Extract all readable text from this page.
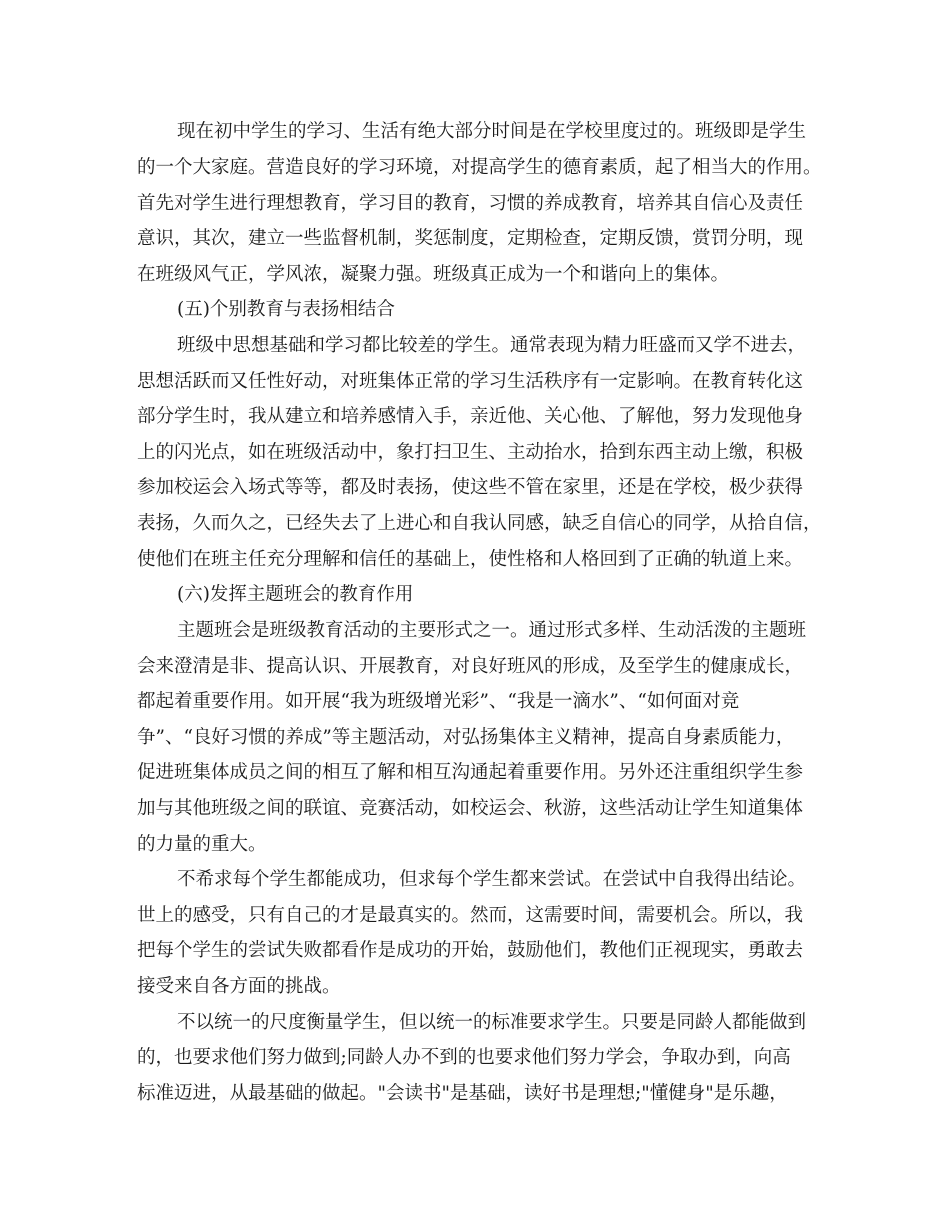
现在初中学生的学习、生活有绝大部分时间是在学校里度过的。班级即是学生
的一个大家庭。营造良好的学习环境，对提高学生的德育素质，起了相当大的作用。
首先对学生进行理想教育，学习目的教育，习惯的养成教育，培养其自信心及责任
意识，其次，建立一些监督机制，奖惩制度，定期检查，定期反馈，赏罚分明，现
在班级风气正，学风浓，凝聚力强。班级真正成为一个和谐向上的集体。
(五)个别教育与表扬相结合
班级中思想基础和学习都比较差的学生。通常表现为精力旺盛而又学不进去，
思想活跃而又任性好动，对班集体正常的学习生活秩序有一定影响。在教育转化这
部分学生时，我从建立和培养感情入手，亲近他、关心他、了解他，努力发现他身
上的闪光点，如在班级活动中，象打扫卫生、主动抬水，拾到东西主动上缴，积极
参加校运会入场式等等，都及时表扬，使这些不管在家里，还是在学校，极少获得
表扬，久而久之，已经失去了上进心和自我认同感，缺乏自信心的同学，从拾自信，
使他们在班主任充分理解和信任的基础上，使性格和人格回到了正确的轨道上来。
(六)发挥主题班会的教育作用
主题班会是班级教育活动的主要形式之一。通过形式多样、生动活泼的主题班
会来澄清是非、提高认识、开展教育，对良好班风的形成，及至学生的健康成长，
都起着重要作用。如开展“我为班级增光彩”、“我是一滴水”、“如何面对竞
争”、“良好习惯的养成”等主题活动，对弘扬集体主义精神，提高自身素质能力，
促进班集体成员之间的相互了解和相互沟通起着重要作用。另外还注重组织学生参
加与其他班级之间的联谊、竞赛活动，如校运会、秋游，这些活动让学生知道集体
的力量的重大。
不希求每个学生都能成功，但求每个学生都来尝试。在尝试中自我得出结论。
世上的感受，只有自己的才是最真实的。然而，这需要时间，需要机会。所以，我
把每个学生的尝试失败都看作是成功的开始，鼓励他们，教他们正视现实，勇敢去
接受来自各方面的挑战。
不以统一的尺度衡量学生，但以统一的标准要求学生。只要是同龄人都能做到
的，也要求他们努力做到;同龄人办不到的也要求他们努力学会，争取办到，向高
标准迈进，从最基础的做起。"会读书"是基础，读好书是理想;"懂健身"是乐趣，
